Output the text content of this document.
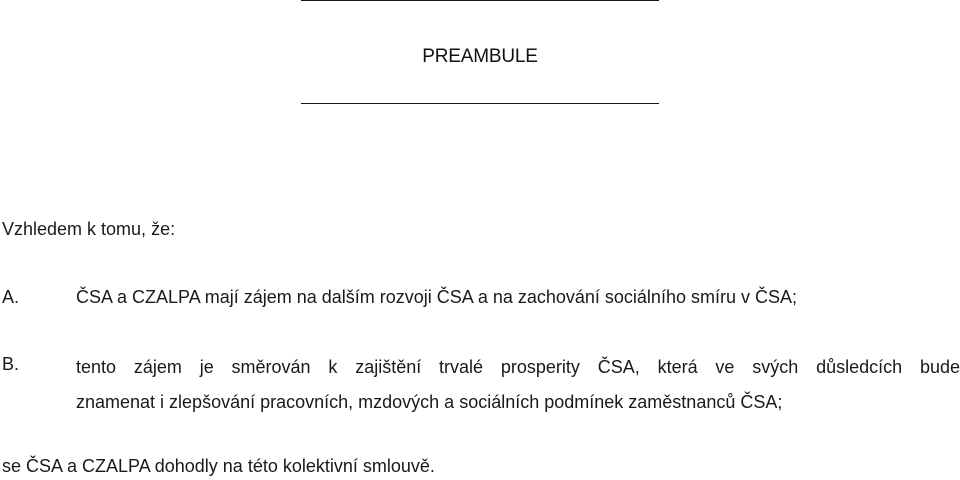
PREAMBULE
Vzhledem k tomu, že:
A.	ČSA a CZALPA mají zájem na dalším rozvoji ČSA a na zachování sociálního smíru v ČSA;
B.	tento zájem je směrován k zajištění trvalé prosperity ČSA, která ve svých důsledcích bude
znamenat i zlepšování pracovních, mzdových a sociálních podmínek zaměstnanců ČSA;
se ČSA a CZALPA dohodly na této kolektivní smlouvě.
